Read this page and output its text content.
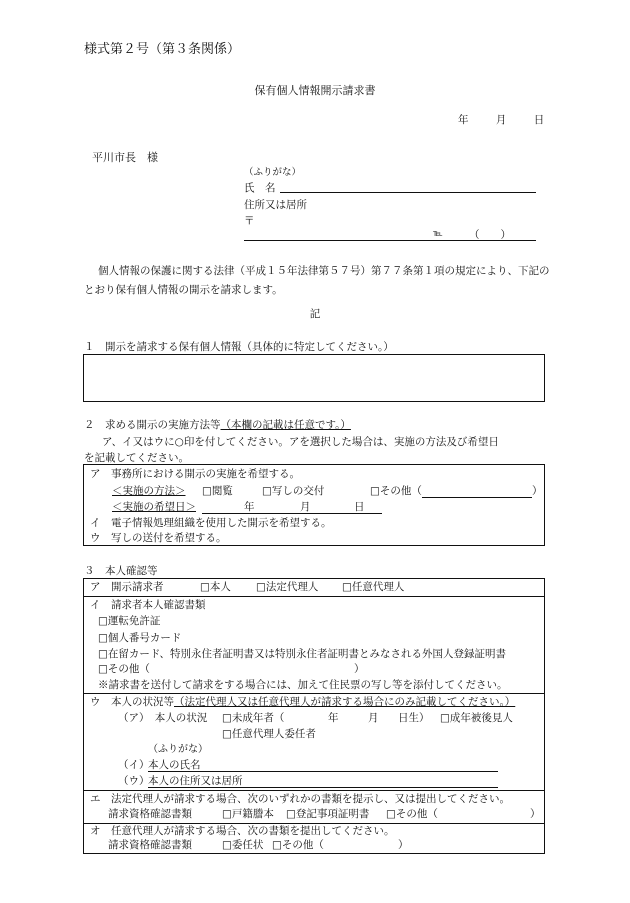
様式第２号（第３条関係）
保有個人情報開示請求書
年	月	日
平川市長　様
（ふりがな）
氏　名
住所又は居所
〒
℡	（　　）
個人情報の保護に関する法律（平成１５年法律第５７号）第７７条第１項の規定により、下記のとおり保有個人情報の開示を請求します。
記
１　開示を請求する保有個人情報（具体的に特定してください。）
２　求める開示の実施方法等（本欄の記載は任意です。）
ア、イ又はウに○印を付してください。アを選択した場合は、実施の方法及び希望日
を記載してください。
ア　事務所における開示の実施を希望する。
＜実施の方法＞ □閲覧	□写しの交付	□その他（	）
＜実施の希望日＞	年	月	日
イ　電子情報処理組織を使用した開示を希望する。
ウ　写しの送付を希望する。
３　本人確認等
ア　開示請求者	□本人 □法定代理人 □任意代理人
イ　請求者本人確認書類
□運転免許証
□個人番号カード
□在留カード、特別永住者証明書又は特別永住者証明書とみなされる外国人登録証明書
□その他（	）
※請求書を送付して請求をする場合には、加えて住民票の写し等を添付してください。
ウ　本人の状況等（法定代理人又は任意代理人が請求する場合にのみ記載してください。）
（ア）　本人の状況 □未成年者（	年	月 日生） □成年被後見人
□任意代理人委任者
（ふりがな）
（イ）
本人の氏名
（ウ）
本人の住所又は居所
エ　法定代理人が請求する場合、次のいずれかの書類を提示し、又は提出してください。
請求資格確認書類	□戸籍謄本 □登記事項証明書 □その他（	）
オ　任意代理人が請求する場合、次の書類を提出してください。
請求資格確認書類	□委任状 □その他（	）
